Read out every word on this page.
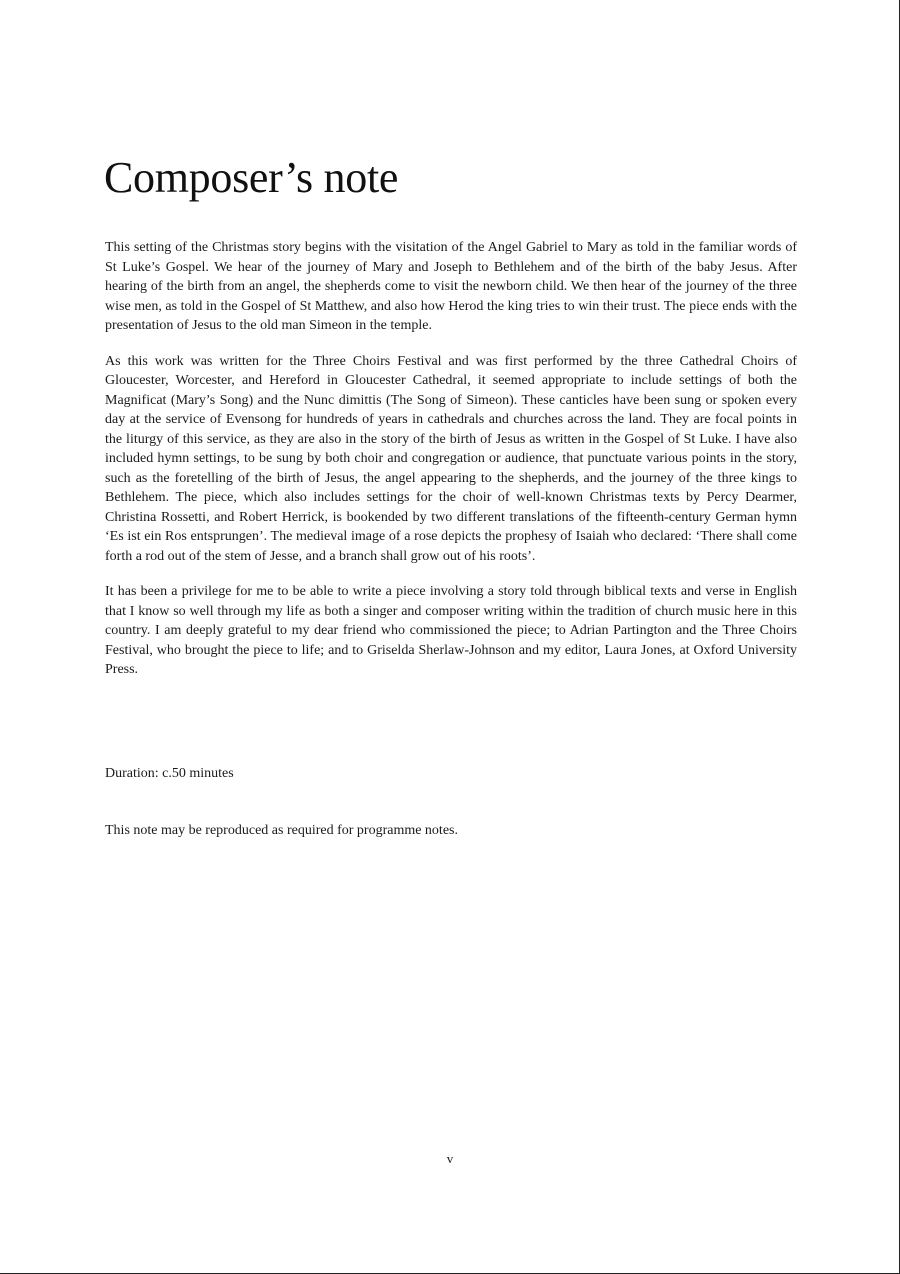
Composer’s note

This setting of the Christmas story begins with the visitation of the Angel Gabriel to Mary as told in the familiar words of St Luke’s Gospel. We hear of the journey of Mary and Joseph to Bethlehem and of the birth of the baby Jesus. After hearing of the birth from an angel, the shepherds come to visit the newborn child. We then hear of the journey of the three wise men, as told in the Gospel of St Matthew, and also how Herod the king tries to win their trust. The piece ends with the presentation of Jesus to the old man Simeon in the temple.

As this work was written for the Three Choirs Festival and was first performed by the three Cathedral Choirs of Gloucester, Worcester, and Hereford in Gloucester Cathedral, it seemed appropriate to include settings of both the Magnificat (Mary’s Song) and the Nunc dimittis (The Song of Simeon). These canticles have been sung or spoken every day at the service of Evensong for hundreds of years in cathedrals and churches across the land. They are focal points in the liturgy of this service, as they are also in the story of the birth of Jesus as written in the Gospel of St Luke. I have also included hymn settings, to be sung by both choir and congregation or audience, that punctuate various points in the story, such as the foretelling of the birth of Jesus, the angel appearing to the shepherds, and the journey of the three kings to Bethlehem. The piece, which also includes settings for the choir of well-known Christmas texts by Percy Dearmer, Christina Rossetti, and Robert Herrick, is bookended by two different translations of the fifteenth-century German hymn ‘Es ist ein Ros entsprungen’. The medieval image of a rose depicts the prophesy of Isaiah who declared: ‘There shall come forth a rod out of the stem of Jesse, and a branch shall grow out of his roots’.

It has been a privilege for me to be able to write a piece involving a story told through biblical texts and verse in English that I know so well through my life as both a singer and composer writing within the tradition of church music here in this country. I am deeply grateful to my dear friend who commissioned the piece; to Adrian Partington and the Three Choirs Festival, who brought the piece to life; and to Griselda Sherlaw-Johnson and my editor, Laura Jones, at Oxford University Press.

Duration: c.50 minutes

This note may be reproduced as required for programme notes.

v
